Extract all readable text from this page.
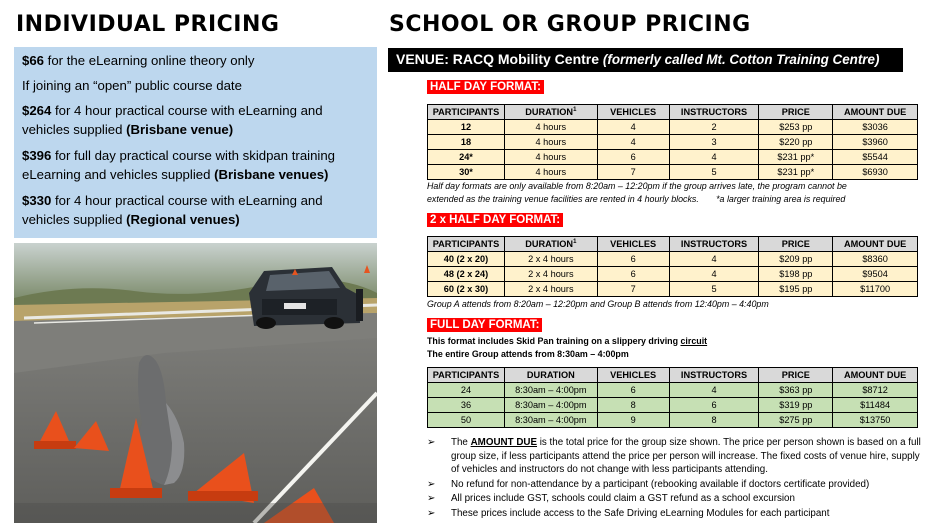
INDIVIDUAL PRICING	SCHOOL OR GROUP PRICING

$66 for the eLearning online theory only

If joining an “open” public course date

$264 for 4 hour practical course with eLearning and vehicles supplied (Brisbane venue)

$396 for full day practical course with skidpan training eLearning and vehicles supplied (Brisbane venues)

$330 for 4 hour practical course with eLearning and vehicles supplied (Regional venues)

VENUE: RACQ Mobility Centre (formerly called Mt. Cotton Training Centre)
HALF DAY FORMAT:
PARTICIPANTS	DURATION$^1$	VEHICLES	INSTRUCTORS	PRICE	AMOUNT DUE
12	4 hours	4	2	$253 pp	$3036
18	4 hours	4	3	$220 pp	$3960
24*	4 hours	6	4	$231 pp*	$5544
30*	4 hours	7	5	$231 pp*	$6930
Half day formats are only available from 8:20am – 12:20pm if the group arrives late, the program cannot be
extended as the training venue facilities are rented in 4 hourly blocks.       *a larger training area is required
2 x HALF DAY FORMAT:
PARTICIPANTS	DURATION$^1$	VEHICLES	INSTRUCTORS	PRICE	AMOUNT DUE
40 (2 x 20)	2 x 4 hours	6	4	$209 pp	$8360
48 (2 x 24)	2 x 4 hours	6	4	$198 pp	$9504
60 (2 x 30)	2 x 4 hours	7	5	$195 pp	$11700
Group A attends from 8:20am – 12:20pm and Group B attends from 12:40pm – 4:40pm
FULL DAY FORMAT:
This format includes Skid Pan training on a slippery driving circuit
The entire Group attends from 8:30am – 4:00pm
PARTICIPANTS	DURATION	VEHICLES	INSTRUCTORS	PRICE	AMOUNT DUE
24	8:30am – 4:00pm	6	4	$363 pp	$8712
36	8:30am – 4:00pm	8	6	$319 pp	$11484
50	8:30am – 4:00pm	9	8	$275 pp	$13750
➢ The AMOUNT DUE is the total price for the group size shown. The price per person shown is based on a full group size, if less participants attend the price per person will increase. The fixed costs of venue hire, supply of vehicles and instructors do not change with less participants attending.
➢ No refund for non-attendance by a participant (rebooking available if doctors certificate provided)
➢ All prices include GST, schools could claim a GST refund as a school excursion
➢ These prices include access to the Safe Driving eLearning Modules for each participant
